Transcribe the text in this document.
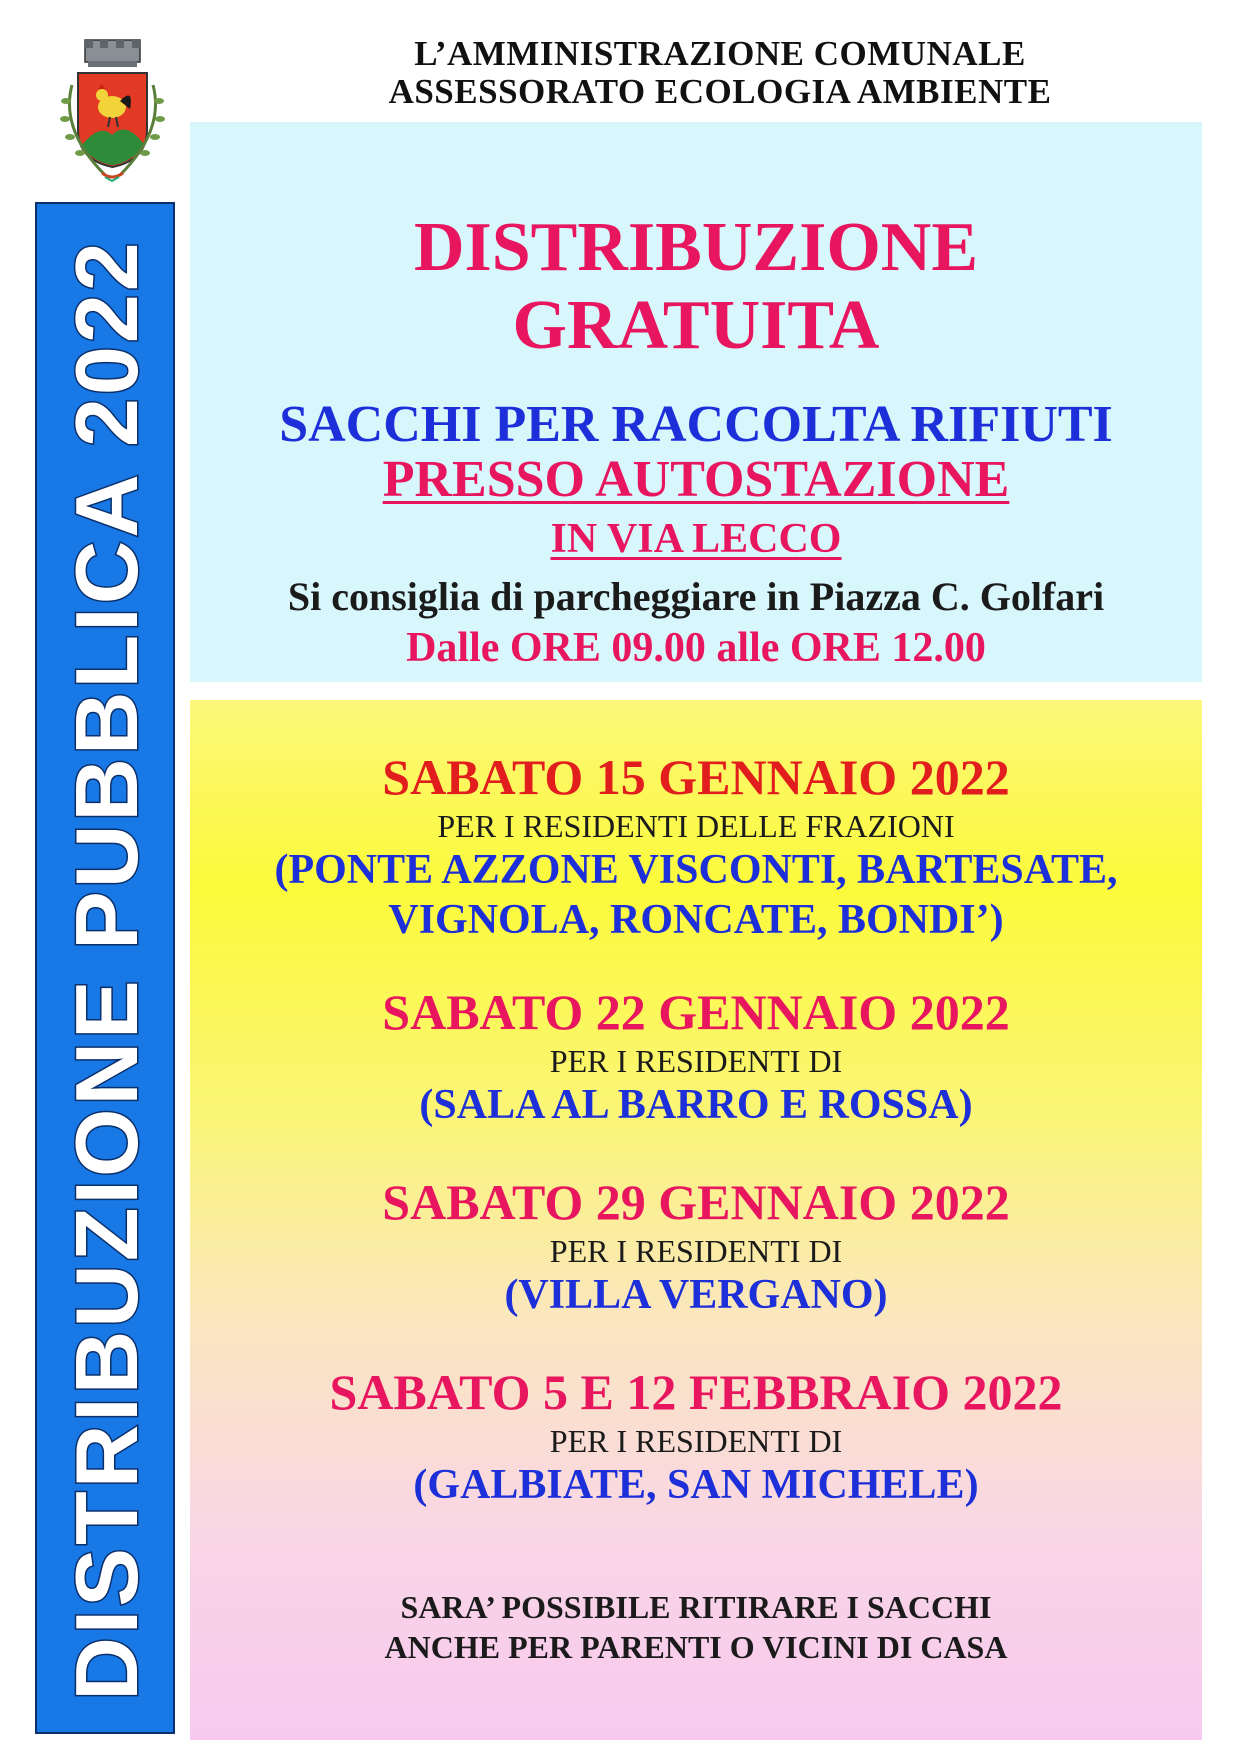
L’AMMINISTRAZIONE COMUNALE
ASSESSORATO ECOLOGIA AMBIENTE
DISTRIBUZIONE PUBBLICA 2022	DISTRIBUZIONE
GRATUITA
SACCHI PER RACCOLTA RIFIUTI
PRESSO AUTOSTAZIONE
IN VIA LECCO
Si consiglia di parcheggiare in Piazza C. Golfari
Dalle ORE 09.00 alle ORE 12.00
SABATO 15 GENNAIO 2022
PER I RESIDENTI DELLE FRAZIONI
(PONTE AZZONE VISCONTI, BARTESATE,
VIGNOLA, RONCATE, BONDI’)
SABATO 22 GENNAIO 2022
PER I RESIDENTI DI
(SALA AL BARRO E ROSSA)
SABATO 29 GENNAIO 2022
PER I RESIDENTI DI
(VILLA VERGANO)
SABATO 5 E 12 FEBBRAIO 2022
PER I RESIDENTI DI
(GALBIATE, SAN MICHELE)
SARA’ POSSIBILE RITIRARE I SACCHI
ANCHE PER PARENTI O VICINI DI CASA
